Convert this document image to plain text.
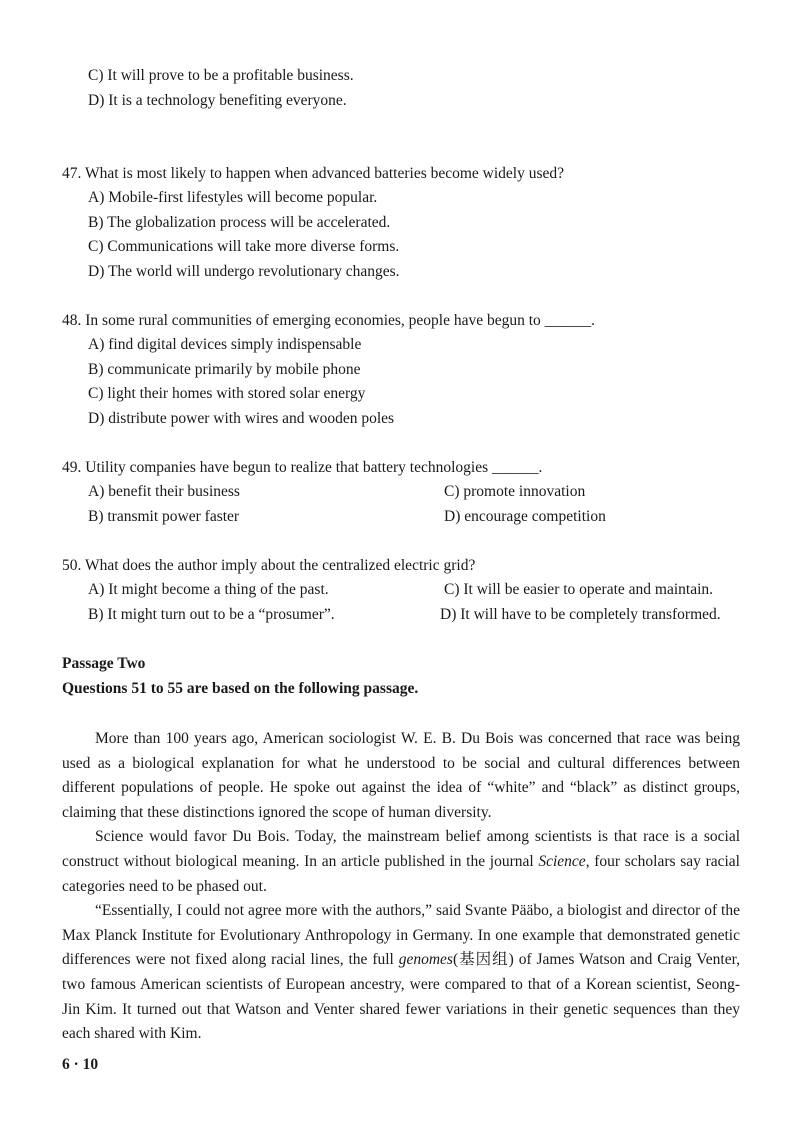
C) It will prove to be a profitable business.
D) It is a technology benefiting everyone.
47. What is most likely to happen when advanced batteries become widely used?
A) Mobile-first lifestyles will become popular.
B) The globalization process will be accelerated.
C) Communications will take more diverse forms.
D) The world will undergo revolutionary changes.
48. In some rural communities of emerging economies, people have begun to ______.
A) find digital devices simply indispensable
B) communicate primarily by mobile phone
C) light their homes with stored solar energy
D) distribute power with wires and wooden poles
49. Utility companies have begun to realize that battery technologies ______.
A) benefit their business	C) promote innovation
B) transmit power faster	D) encourage competition
50. What does the author imply about the centralized electric grid?
A) It might become a thing of the past.	C) It will be easier to operate and maintain.
B) It might turn out to be a “prosumer”.	D) It will have to be completely transformed.
Passage Two
Questions 51 to 55 are based on the following passage.

More than 100 years ago, American sociologist W. E. B. Du Bois was concerned that race was being used as a biological explanation for what he understood to be social and cultural differences between different populations of people. He spoke out against the idea of “white” and “black” as distinct groups, claiming that these distinctions ignored the scope of human diversity.

Science would favor Du Bois. Today, the mainstream belief among scientists is that race is a social construct without biological meaning. In an article published in the journal Science, four scholars say racial categories need to be phased out.

“Essentially, I could not agree more with the authors,” said Svante Pääbo, a biologist and director of the Max Planck Institute for Evolutionary Anthropology in Germany. In one example that demonstrated genetic differences were not fixed along racial lines, the full genomes(基因组) of James Watson and Craig Venter, two famous American scientists of European ancestry, were compared to that of a Korean scientist, Seong-Jin Kim. It turned out that Watson and Venter shared fewer variations in their genetic sequences than they each shared with Kim.

6 · 10
